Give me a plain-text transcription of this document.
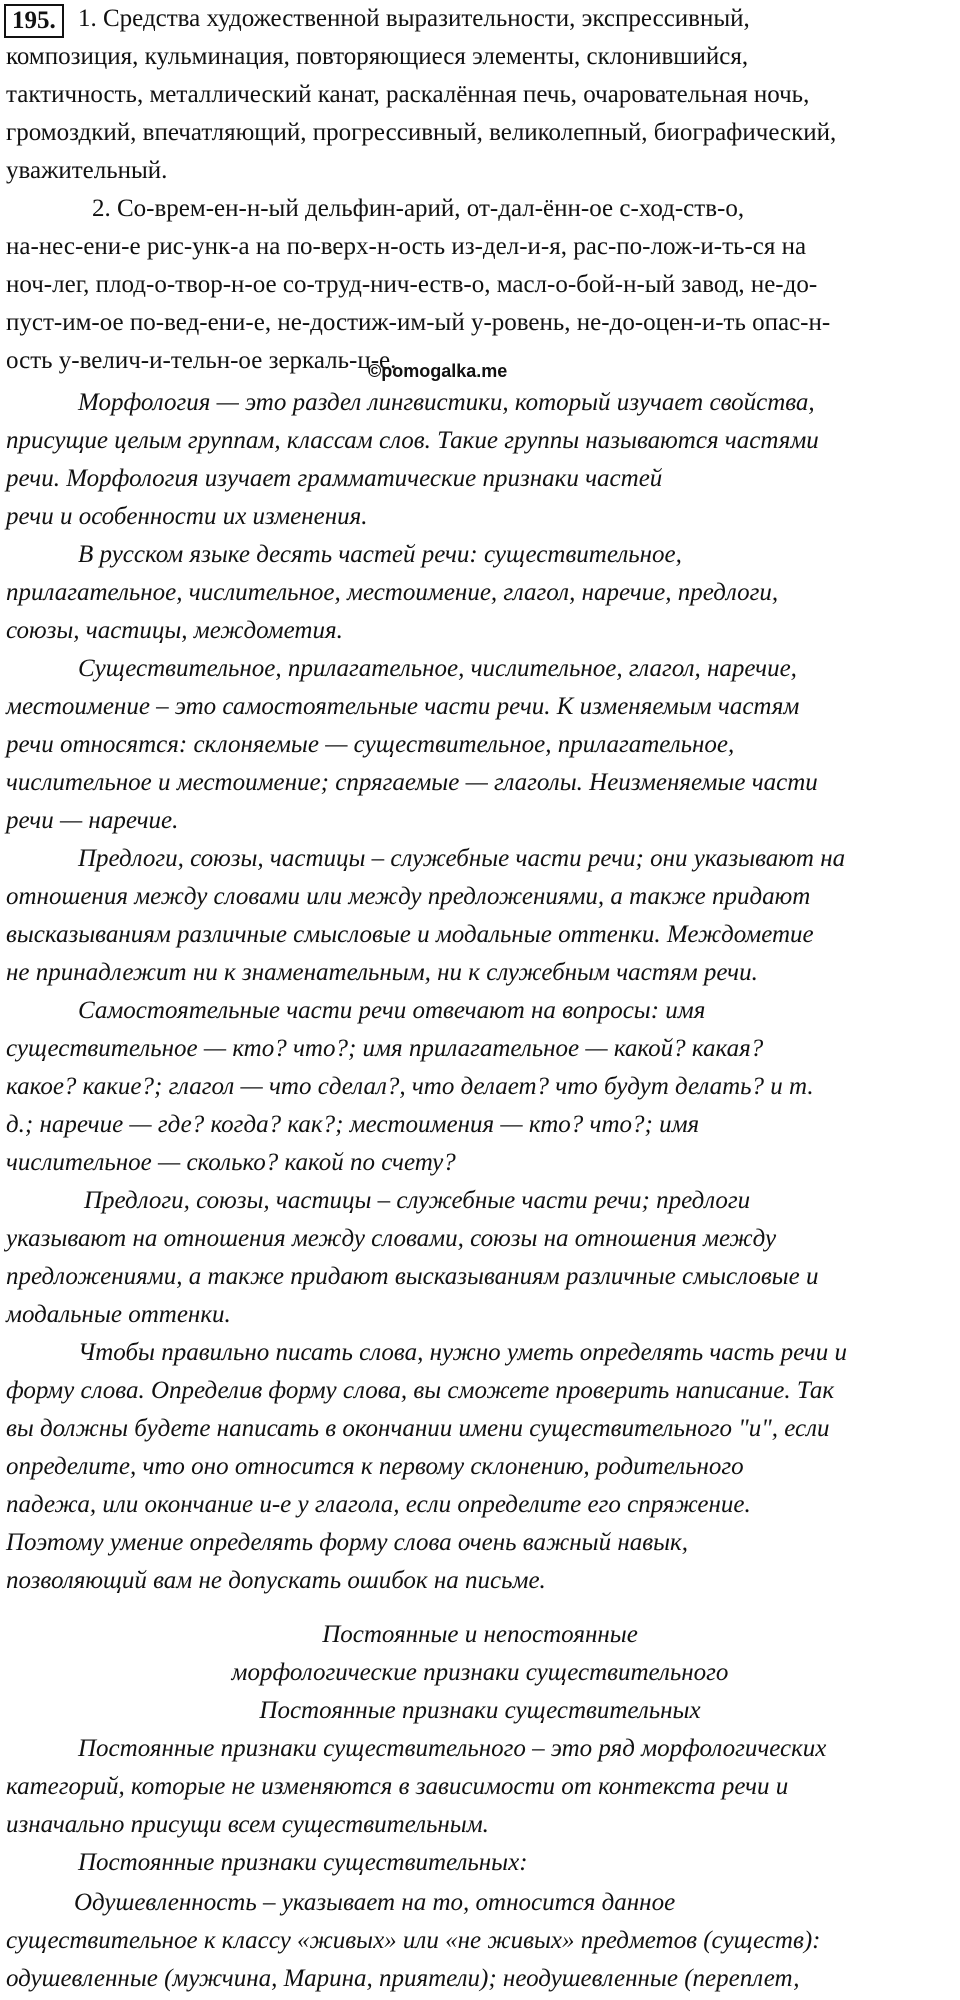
195. 1. Средства художественной выразительности, экспрессивный,
композиция, кульминация, повторяющиеся элементы, склонившийся,
тактичность, металлический канат, раскалённая печь, очаровательная ночь,
громоздкий, впечатляющий, прогрессивный, великолепный, биографический,
уважительный.
2. Со-врем-ен-н-ый дельфин-арий, от-дал-ённ-ое с-ход-ств-о,
на-нес-ени-е рис-унк-а на по-верх-н-ость из-дел-и-я, рас-по-лож-и-ть-ся на
ноч-лег, плод-о-твор-н-ое со-труд-нич-еств-о, масл-о-бой-н-ый завод, не-до-
пуст-им-ое по-вед-ени-е, не-достиж-им-ый у-ровень, не-до-оцен-и-ть опас-н-
ость у-велич-и-тельн-ое зеркаль-ц-е.
©pomogalka.me
Морфология — это раздел лингвистики, который изучает свойства,
присущие целым группам, классам слов. Такие группы называются частями
речи. Морфология изучает грамматические признаки частей
речи и особенности их изменения.
В русском языке десять частей речи: существительное,
прилагательное, числительное, местоимение, глагол, наречие, предлоги,
союзы, частицы, междометия.
Существительное, прилагательное, числительное, глагол, наречие,
местоимение – это самостоятельные части речи. К изменяемым частям
речи относятся: склоняемые — существительное, прилагательное,
числительное и местоимение; спрягаемые — глаголы. Неизменяемые части
речи — наречие.
Предлоги, союзы, частицы – служебные части речи; они указывают на
отношения между словами или между предложениями, а также придают
высказываниям различные смысловые и модальные оттенки. Междометие
не принадлежит ни к знаменательным, ни к служебным частям речи.
Самостоятельные части речи отвечают на вопросы: имя
существительное — кто? что?; имя прилагательное — какой? какая?
какое? какие?; глагол — что сделал?, что делает? что будут делать? и т.
д.; наречие — где? когда? как?; местоимения — кто? что?; имя
числительное — сколько? какой по счету?
Предлоги, союзы, частицы – служебные части речи; предлоги
указывают на отношения между словами, союзы на отношения между
предложениями, а также придают высказываниям различные смысловые и
модальные оттенки.
Чтобы правильно писать слова, нужно уметь определять часть речи и
форму слова. Определив форму слова, вы сможете проверить написание. Так
вы должны будете написать в окончании имени существительного "и", если
определите, что оно относится к первому склонению, родительного
падежа, или окончание и-е у глагола, если определите его спряжение.
Поэтому умение определять форму слова очень важный навык,
позволяющий вам не допускать ошибок на письме.
Постоянные и непостоянные
морфологические признаки существительного
Постоянные признаки существительных
Постоянные признаки существительного – это ряд морфологических
категорий, которые не изменяются в зависимости от контекста речи и
изначально присущи всем существительным.
Постоянные признаки существительных:
Одушевленность – указывает на то, относится данное
существительное к классу «живых» или «не живых» предметов (существ):
одушевленные (мужчина, Марина, приятели); неодушевленные (переплет,
